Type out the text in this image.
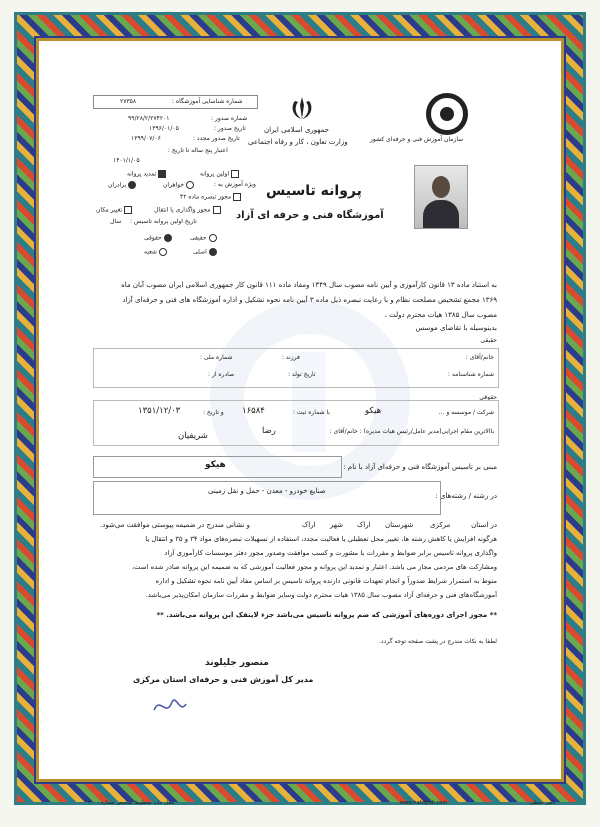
سازمان آموزش فنی و حرفه‌ای کشور
جمهوری اسلامی ایران
وزارت تعاون ، کار و رفاه اجتماعی
پروانه تاسیس
آموزشگاه فنی و حرفه ای آزاد
شماره شناسایی آموزشگاه :
۲۷۳۵۸
شماره صدور :
۹۹/۲۸/۲/۲۷۴۲۰۱
تاریخ صدور :
۱۳۹۶/۰۱/۰۵
تاریخ صدور مجدد :
۱۳۹۹/۰۷/۰۶
اعتبار پنج ساله تا تاریخ :
۱۴۰۱/۱/۰۵
اولین پروانه
تمدید پروانه
ویژه آموزش به :
خواهران
برادران
مجوز تبصره ماده ۴۲
مجوز واگذاری یا انتقال
تغییر مکان
تاریخ اولین پروانه تاسیس :
سال
حقیقی
حقوقی
اصلی
شعبه
به استناد ماده ۱۳ قانون کارآموزی و آیین نامه مصوب سال ۱۳۴۹ ومفاد ماده ۱۱۱ قانون کار جمهوری اسلامی ایران مصوب آبان ماه
۱۳۶۹ مجمع تشخیص مصلحت نظام و با رعایت تبصره ذیل ماده ۳ آیین نامه نحوه تشکیل و اداره آموزشگاه های فنی و حرفه‌ای آزاد
مصوب سال ۱۳۸۵ هیات محترم دولت ،
بدینوسیله با تقاضای موسس
حقیقی
خانم/آقای :
فرزند :
شماره ملی :
شماره شناسنامه :
تاریخ تولد :
صادره از :
حقوقی
شرکت / موسسه و ...
هیکو
با شماره ثبت :
۱۶۵۸۴
و تاریخ :
۱۳۵۱/۱۲/۰۳
باالاترین مقام اجرایی(مدیر عامل/رئیس هیات مدیره) : خانم/آقای :
رضا
شریفیان
مبنی بر تاسیس آموزشگاه فنی و حرفه‌ای آزاد با نام :
هیکو
در رشته / رشته‌های :
صنایع خودرو - معدن - حمل و نقل زمینی
در استان
مرکزی
شهرستان
اراک
شهر
اراک
و نشانی مندرج در ضمیمه پیوستی موافقت می‌شود.
هرگونه افزایش یا کاهش رشته ها، تغییر محل تعطیلی یا فعالیت مجدد، استفاده از تسهیلات تبصره‌های مواد ۳۴ و ۳۵ و انتقال یا
واگذاری پروانه تاسیس برابر ضوابط و مقررات با مشورت و کسب موافقت وصدور مجوز دفتر موسسات کارآموزی آزاد
ومشارکت های مردمی مجاز می باشد. اعتبار و تمدید این پروانه و مجوز فعالیت آموزشی که به ضمیمه این پروانه صادر شده است،
منوط به استمرار شرایط صدوراً و انجام تعهدات قانونی دارنده پروانه تاسیس بر اساس مفاد آیین نامه نحوه تشکیل و اداره
آموزشگاه‌های فنی و حرفه‌ای آزاد مصوب سال ۱۳۸۵ هیات محترم دولت وسایر ضوابط و مقررات سازمان امکان‌پذیر می‌باشد.
** مجوز اجرای دوره‌های آموزشی که ضم پروانه تاسیس می‌باشد جزء لاینفک این پروانه می‌باشد. **
لطفا به نکات مندرج در پشت صفحه توجه گردد.
منصور جلیلوند
مدیر کل آموزش فنی و حرفه‌ای استان مرکزی
محل چاپ مخطوط تشخیص ضماره : ۲۰۰	www.hefzipub.com	ناشر حفظی
